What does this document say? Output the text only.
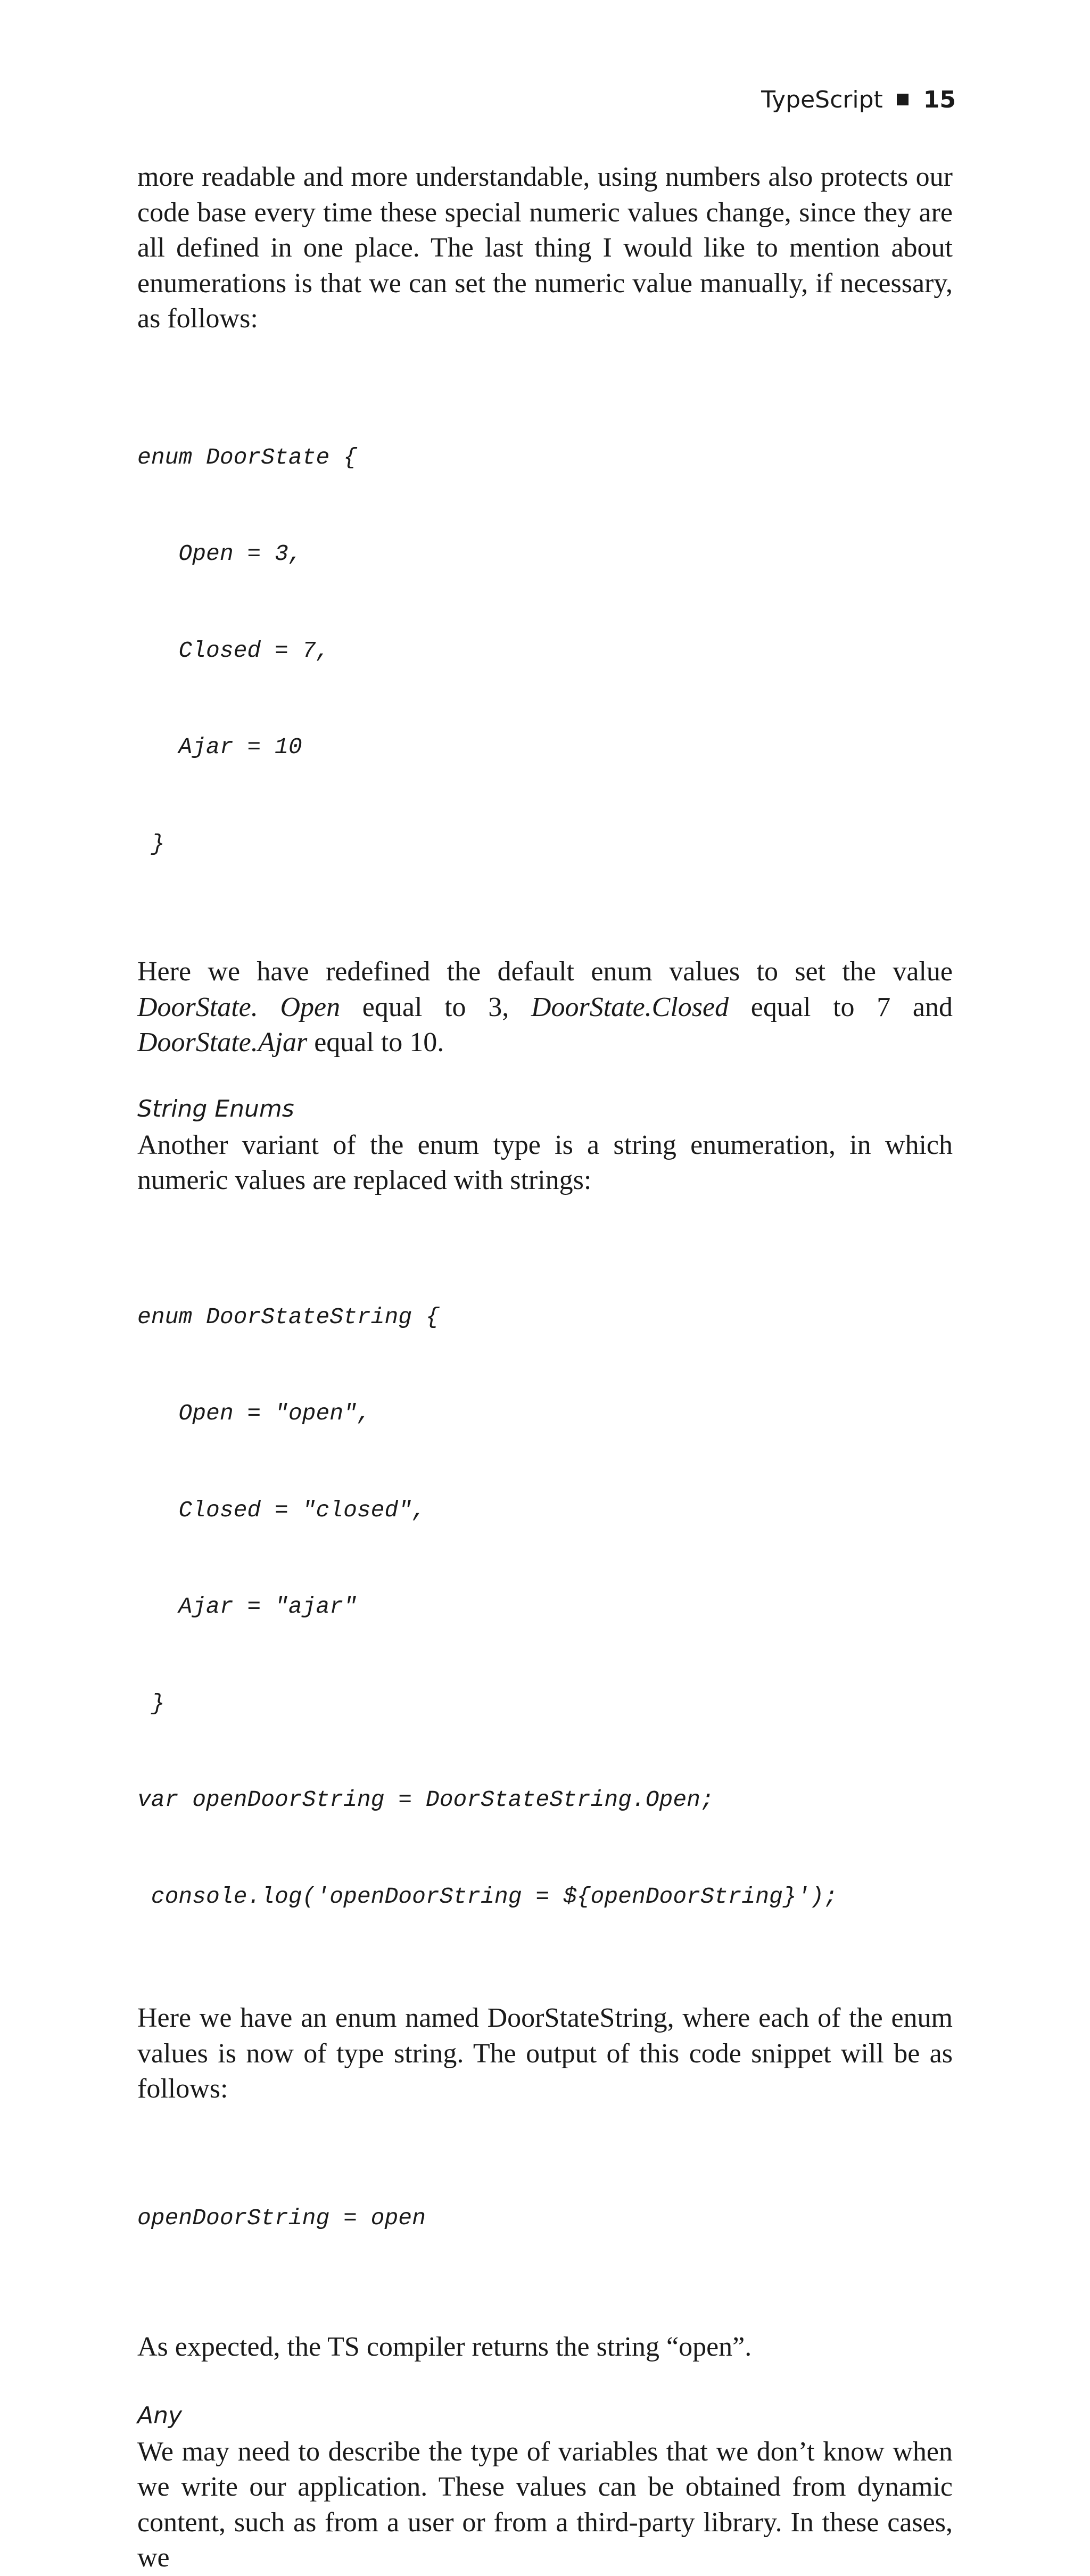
TypeScript 15

more readable and more understandable, using numbers also protects our code base every time these special numeric values change, since they are all defined in one place. The last thing I would like to mention about enumerations is that we can set the numeric value manually, if necessary, as follows:

enum DoorState {

Open = 3,

Closed = 7,

Ajar = 10

}

Here we have redefined the default enum values to set the value DoorState. Open equal to 3, DoorState.Closed equal to 7 and DoorState.Ajar equal to 10.

String Enums

Another variant of the enum type is a string enumeration, in which numeric values are replaced with strings:

enum DoorStateString {

Open = "open",

Closed = "closed",

Ajar = "ajar"

}

var openDoorString = DoorStateString.Open;

console.log('openDoorString = ${openDoorString}');

Here we have an enum named DoorStateString, where each of the enum values is now of type string. The output of this code snippet will be as follows:

openDoorString = open

As expected, the TS compiler returns the string “open”.

Any

We may need to describe the type of variables that we don’t know when we write our application. These values can be obtained from dynamic content, such as from a user or from a third-party library. In these cases, we
